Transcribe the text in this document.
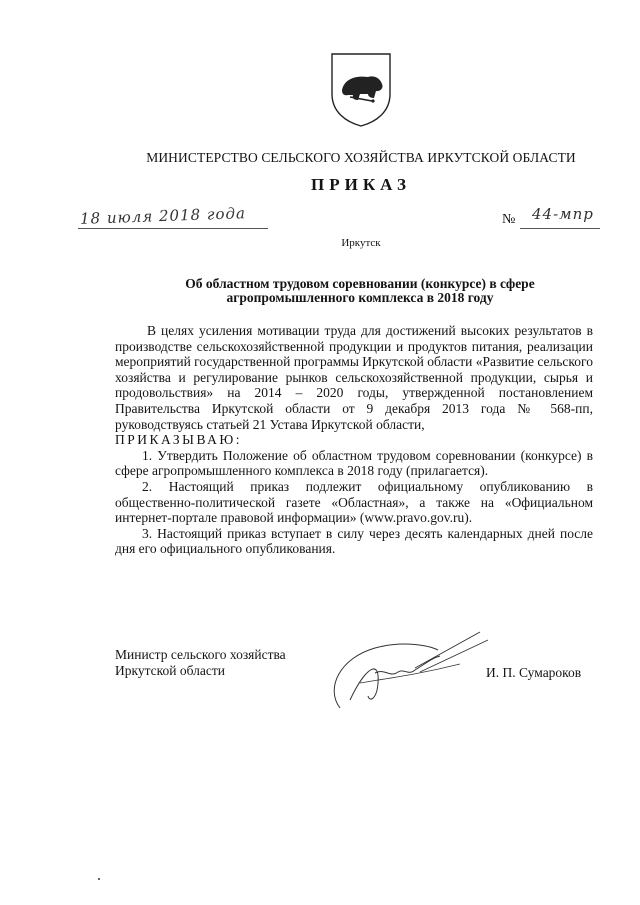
МИНИСТЕРСТВО СЕЛЬСКОГО ХОЗЯЙСТВА ИРКУТСКОЙ ОБЛАСТИ
ПРИКАЗ
18 июля 2018 года	№ 44-мпр
Иркутск
Об областном трудовом соревновании (конкурсе) в сфере
агропромышленного комплекса в 2018 году

В целях усиления мотивации труда для достижений высоких результатов в производстве сельскохозяйственной продукции и продуктов питания, реализации мероприятий государственной программы Иркутской области «Развитие сельского хозяйства и регулирование рынков сельскохозяйственной продукции, сырья и продовольствия» на 2014 – 2020 годы, утвержденной постановлением Правительства Иркутской области от 9 декабря 2013 года № 568-пп, руководствуясь статьей 21 Устава Иркутской области,

ПРИКАЗЫВАЮ:

1. Утвердить Положение об областном трудовом соревновании (конкурсе) в сфере агропромышленного комплекса в 2018 году (прилагается).

2. Настоящий приказ подлежит официальному опубликованию в общественно-политической газете «Областная», а также на «Официальном интернет-портале правовой информации» (www.pravo.gov.ru).

3. Настоящий приказ вступает в силу через десять календарных дней после дня его официального опубликования.

Министр сельского хозяйства
Иркутской области	И. П. Сумароков
